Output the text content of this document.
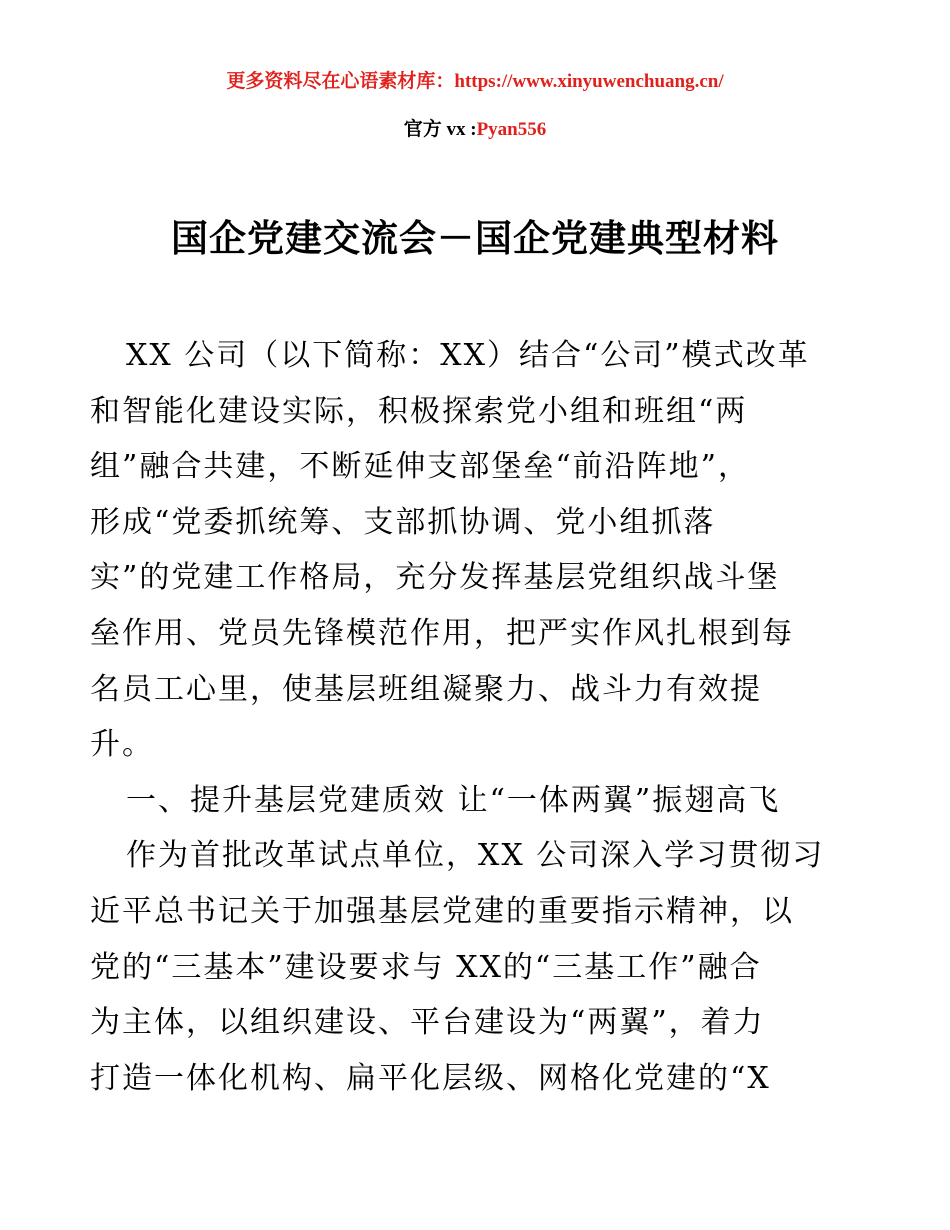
更多资料尽在心语素材库：https://www.xinyuwenchuang.cn/
官方 vx :Pyan556
国企党建交流会－国企党建典型材料
XX 公司（以下简称：XX）结合“公司”模式改革
和智能化建设实际，积极探索党小组和班组“两
组”融合共建，不断延伸支部堡垒“前沿阵地”，
形成“党委抓统筹、支部抓协调、党小组抓落
实”的党建工作格局，充分发挥基层党组织战斗堡
垒作用、党员先锋模范作用，把严实作风扎根到每
名员工心里，使基层班组凝聚力、战斗力有效提
升。
一、提升基层党建质效 让“一体两翼”振翅高飞
作为首批改革试点单位，XX 公司深入学习贯彻习
近平总书记关于加强基层党建的重要指示精神，以
党的“三基本”建设要求与 XX的“三基工作”融合
为主体，以组织建设、平台建设为“两翼”，着力
打造一体化机构、扁平化层级、网格化党建的“X
